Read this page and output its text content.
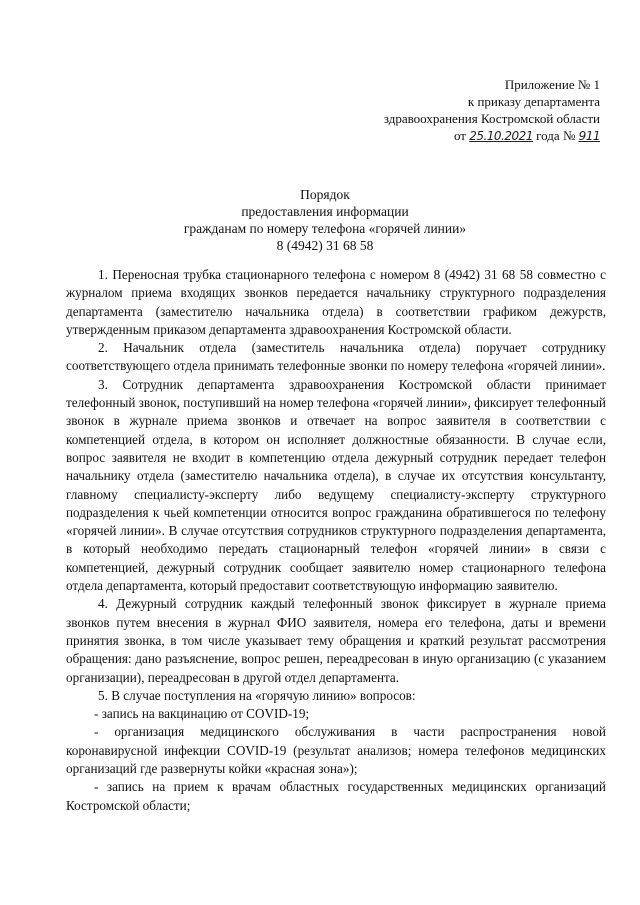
Приложение № 1
к приказу департамента
здравоохранения Костромской области
от 25.10.2021 года № 911
Порядок
предоставления информации
гражданам по номеру телефона «горячей линии»
8 (4942) 31 68 58

1. Переносная трубка стационарного телефона с номером 8 (4942) 31 68 58 совместно с журналом приема входящих звонков передается начальнику структурного подразделения департамента (заместителю начальника отдела) в соответствии графиком дежурств, утвержденным приказом департамента здравоохранения Костромской области.

2. Начальник отдела (заместитель начальника отдела) поручает сотруднику соответствующего отдела принимать телефонные звонки по номеру телефона «горячей линии».

3. Сотрудник департамента здравоохранения Костромской области принимает телефонный звонок, поступивший на номер телефона «горячей линии», фиксирует телефонный звонок в журнале приема звонков и отвечает на вопрос заявителя в соответствии с компетенцией отдела, в котором он исполняет должностные обязанности. В случае если, вопрос заявителя не входит в компетенцию отдела дежурный сотрудник передает телефон начальнику отдела (заместителю начальника отдела), в случае их отсутствия консультанту, главному специалисту-эксперту либо ведущему специалисту-эксперту структурного подразделения к чьей компетенции относится вопрос гражданина обратившегося по телефону «горячей линии». В случае отсутствия сотрудников структурного подразделения департамента, в который необходимо передать стационарный телефон «горячей линии» в связи с компетенцией, дежурный сотрудник сообщает заявителю номер стационарного телефона отдела департамента, который предоставит соответствующую информацию заявителю.

4. Дежурный сотрудник каждый телефонный звонок фиксирует в журнале приема звонков путем внесения в журнал ФИО заявителя, номера его телефона, даты и времени принятия звонка, в том числе указывает тему обращения и краткий результат рассмотрения обращения: дано разъяснение, вопрос решен, переадресован в иную организацию (с указанием организации), переадресован в другой отдел департамента.

5. В случае поступления на «горячую линию» вопросов:

- запись на вакцинацию от COVID-19;

- организация медицинского обслуживания в части распространения новой коронавирусной инфекции COVID-19 (результат анализов; номера телефонов медицинских организаций где развернуты койки «красная зона»);

- запись на прием к врачам областных государственных медицинских организаций Костромской области;
